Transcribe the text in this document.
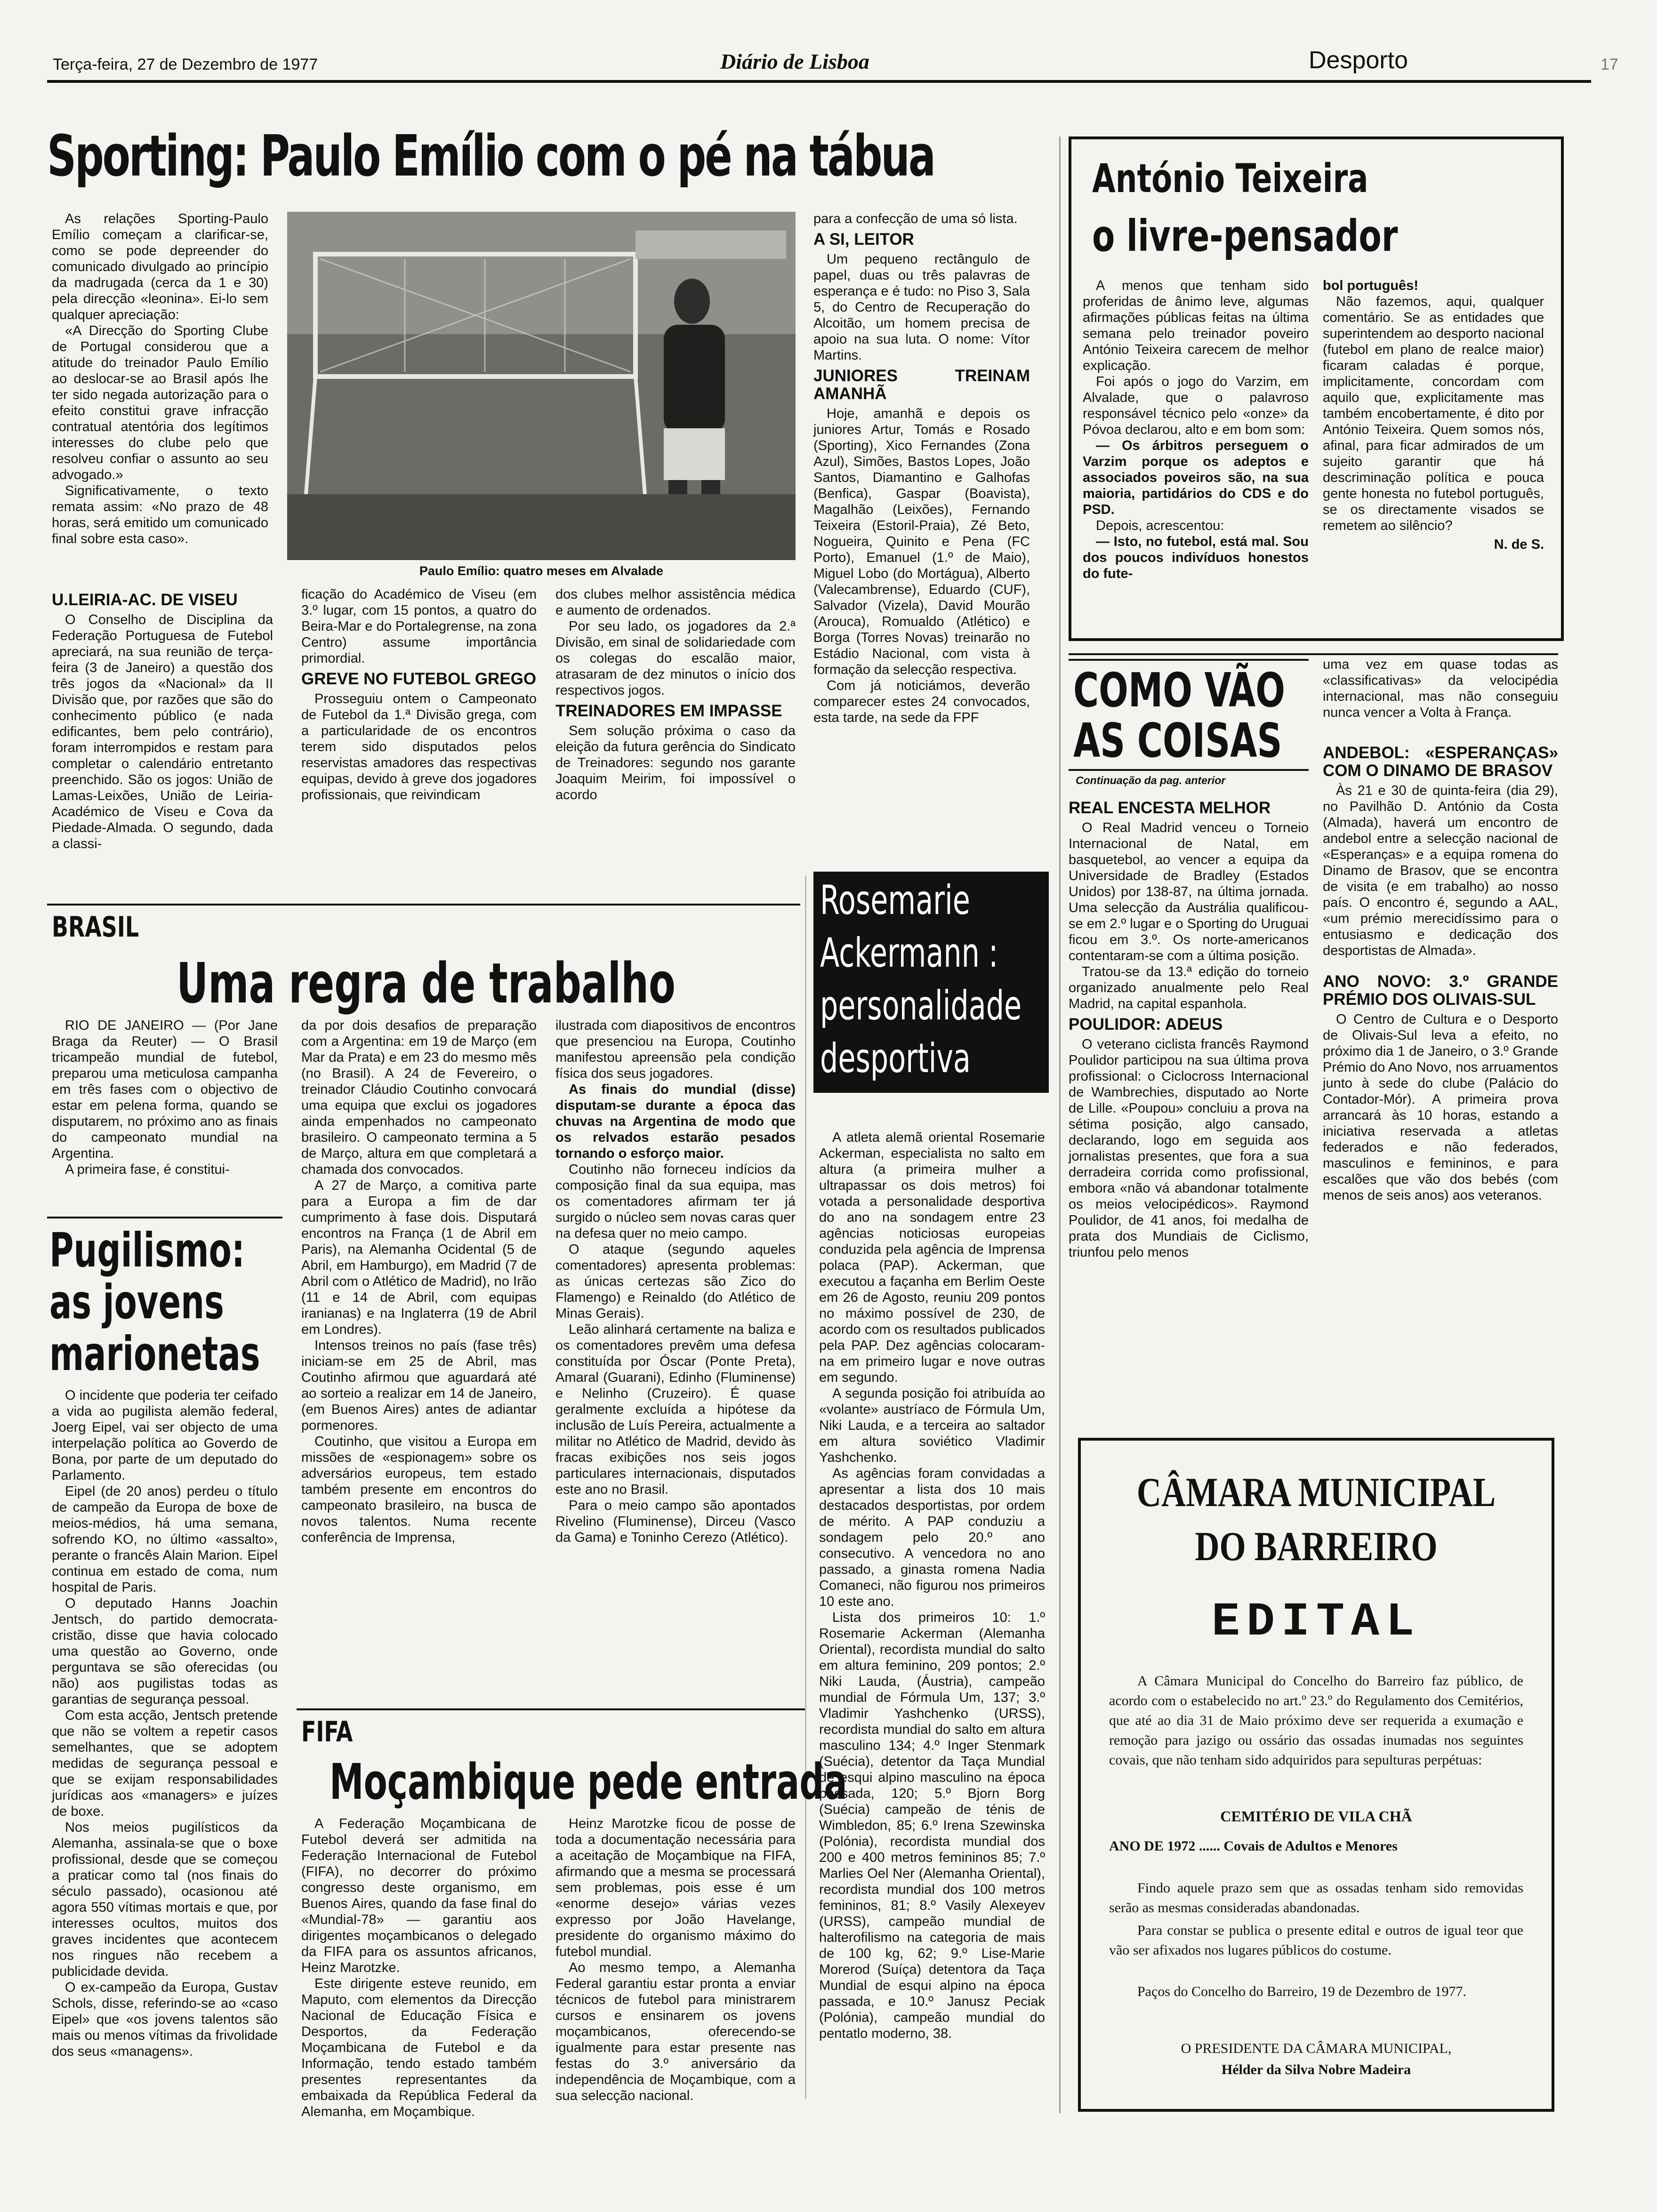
Terça-feira, 27 de Dezembro de 1977	Diário de Lisboa	Desporto	17
Sporting: Paulo Emílio com o pé na tábua

As relações Sporting-Paulo Emílio começam a clarificar-se, como se pode depreender do comunicado divulgado ao princípio da madrugada (cerca da 1 e 30) pela direcção «leonina». Ei-lo sem qualquer apreciação:

«A Direcção do Sporting Clube de Portugal considerou que a atitude do treinador Paulo Emílio ao deslocar-se ao Brasil após lhe ter sido negada autorização para o efeito constitui grave infracção contratual atentória dos legítimos interesses do clube pelo que resolveu confiar o assunto ao seu advogado.»

Significativamente, o texto remata assim: «No prazo de 48 horas, será emitido um comunicado final sobre esta caso».

Paulo Emílio: quatro meses em Alvalade

para a confecção de uma só lista.

A SI, LEITOR

Um pequeno rectângulo de papel, duas ou três palavras de esperança e é tudo: no Piso 3, Sala 5, do Centro de Recuperação do Alcoitão, um homem precisa de apoio na sua luta. O nome: Vítor Martins.

JUNIORES TREINAM AMANHÃ

Hoje, amanhã e depois os juniores Artur, Tomás e Rosado (Sporting), Xico Fernandes (Zona Azul), Simões, Bastos Lopes, João Santos, Diamantino e Galhofas (Benfica), Gaspar (Boavista), Magalhão (Leixões), Fernando Teixeira (Estoril-Praia), Zé Beto, Nogueira, Quinito e Pena (FC Porto), Emanuel (1.º de Maio), Miguel Lobo (do Mortágua), Alberto (Valecambrense), Eduardo (CUF), Salvador (Vizela), David Mourão (Arouca), Romualdo (Atlético) e Borga (Torres Novas) treinarão no Estádio Nacional, com vista à formação da selecção respectiva.

Com já noticiámos, deverão comparecer estes 24 convocados, esta tarde, na sede da FPF

U.LEIRIA-AC. DE VISEU

O Conselho de Disciplina da Federação Portuguesa de Futebol apreciará, na sua reunião de terça-feira (3 de Janeiro) a questão dos três jogos da «Nacional» da II Divisão que, por razões que são do conhecimento público (e nada edificantes, bem pelo contrário), foram interrompidos e restam para completar o calendário entretanto preenchido. São os jogos: União de Lamas-Leixões, União de Leiria-Académico de Viseu e Cova da Piedade-Almada. O segundo, dada a classi-

ficação do Académico de Viseu (em 3.º lugar, com 15 pontos, a quatro do Beira-Mar e do Portalegrense, na zona Centro) assume importância primordial.

GREVE NO FUTEBOL GREGO

Prosseguiu ontem o Campeonato de Futebol da 1.ª Divisão grega, com a particularidade de os encontros terem sido disputados pelos reservistas amadores das respectivas equipas, devido à greve dos jogadores profissionais, que reivindicam

dos clubes melhor assistência médica e aumento de ordenados.

Por seu lado, os jogadores da 2.ª Divisão, em sinal de solidariedade com os colegas do escalão maior, atrasaram de dez minutos o início dos respectivos jogos.

TREINADORES EM IMPASSE

Sem solução próxima o caso da eleição da futura gerência do Sindicato de Treinadores: segundo nos garante Joaquim Meirim, foi impossível o acordo

António Teixeira
o livre-pensador

A menos que tenham sido proferidas de ânimo leve, algumas afirmações públicas feitas na última semana pelo treinador poveiro António Teixeira carecem de melhor explicação.

Foi após o jogo do Varzim, em Alvalade, que o palavroso responsável técnico pelo «onze» da Póvoa declarou, alto e em bom som:

— Os árbitros perseguem o Varzim porque os adeptos e associados poveiros são, na sua maioria, partidários do CDS e do PSD.

Depois, acrescentou:

— Isto, no futebol, está mal. Sou dos poucos indivíduos honestos do fute-

bol português!

Não fazemos, aqui, qualquer comentário. Se as entidades que superintendem ao desporto nacional (futebol em plano de realce maior) ficaram caladas é porque, implicitamente, concordam com aquilo que, explicitamente mas também encobertamente, é dito por António Teixeira. Quem somos nós, afinal, para ficar admirados de um sujeito garantir que há descriminação política e pouca gente honesta no futebol português, se os directamente visados se remetem ao silêncio?

N. de S.

COMO VÃO
AS COISAS
Continuação da pag. anterior
REAL ENCESTA MELHOR

O Real Madrid venceu o Torneio Internacional de Natal, em basquetebol, ao vencer a equipa da Universidade de Bradley (Estados Unidos) por 138-87, na última jornada. Uma selecção da Austrália qualificou-se em 2.º lugar e o Sporting do Uruguai ficou em 3.º. Os norte-americanos contentaram-se com a última posição.

Tratou-se da 13.ª edição do torneio organizado anualmente pelo Real Madrid, na capital espanhola.

POULIDOR: ADEUS

O veterano ciclista francês Raymond Poulidor participou na sua última prova profissional: o Ciclocross Internacional de Wambrechies, disputado ao Norte de Lille. «Poupou» concluiu a prova na sétima posição, algo cansado, declarando, logo em seguida aos jornalistas presentes, que fora a sua derradeira corrida como profissional, embora «não vá abandonar totalmente os meios velocipédicos». Raymond Poulidor, de 41 anos, foi medalha de prata dos Mundiais de Ciclismo, triunfou pelo menos

uma vez em quase todas as «classificativas» da velocipédia internacional, mas não conseguiu nunca vencer a Volta à França.

ANDEBOL: «ESPERANÇAS» COM O DINAMO DE BRASOV

Às 21 e 30 de quinta-feira (dia 29), no Pavilhão D. António da Costa (Almada), haverá um encontro de andebol entre a selecção nacional de «Esperanças» e a equipa romena do Dinamo de Brasov, que se encontra de visita (e em trabalho) ao nosso país. O encontro é, segundo a AAL, «um prémio merecidíssimo para o entusiasmo e dedicação dos desportistas de Almada».

ANO NOVO: 3.º GRANDE PRÉMIO DOS OLIVAIS-SUL

O Centro de Cultura e o Desporto de Olivais-Sul leva a efeito, no próximo dia 1 de Janeiro, o 3.º Grande Prémio do Ano Novo, nos arruamentos junto à sede do clube (Palácio do Contador-Mór). A primeira prova arrancará às 10 horas, estando a iniciativa reservada a atletas federados e não federados, masculinos e femininos, e para escalões que vão dos bebés (com menos de seis anos) aos veteranos.

Rosemarie
Ackermann :
personalidade
desportiva

A atleta alemã oriental Rosemarie Ackerman, especialista no salto em altura (a primeira mulher a ultrapassar os dois metros) foi votada a personalidade desportiva do ano na sondagem entre 23 agências noticiosas europeias conduzida pela agência de Imprensa polaca (PAP). Ackerman, que executou a façanha em Berlim Oeste em 26 de Agosto, reuniu 209 pontos no máximo possível de 230, de acordo com os resultados publicados pela PAP. Dez agências colocaram-na em primeiro lugar e nove outras em segundo.

A segunda posição foi atribuída ao «volante» austríaco de Fórmula Um, Niki Lauda, e a terceira ao saltador em altura soviético Vladimir Yashchenko.

As agências foram convidadas a apresentar a lista dos 10 mais destacados desportistas, por ordem de mérito. A PAP conduziu a sondagem pelo 20.º ano consecutivo. A vencedora no ano passado, a ginasta romena Nadia Comaneci, não figurou nos primeiros 10 este ano.

Lista dos primeiros 10: 1.º Rosemarie Ackerman (Alemanha Oriental), recordista mundial do salto em altura feminino, 209 pontos; 2.º Niki Lauda, (Áustria), campeão mundial de Fórmula Um, 137; 3.º Vladimir Yashchenko (URSS), recordista mundial do salto em altura masculino 134; 4.º Inger Stenmark (Suécia), detentor da Taça Mundial de esqui alpino masculino na época passada, 120; 5.º Bjorn Borg (Suécia) campeão de ténis de Wimbledon, 85; 6.º Irena Szewinska (Polónia), recordista mundial dos 200 e 400 metros femininos 85; 7.º Marlies Oel Ner (Alemanha Oriental), recordista mundial dos 100 metros femininos, 81; 8.º Vasily Alexeyev (URSS), campeão mundial de halterofilismo na categoria de mais de 100 kg, 62; 9.º Lise-Marie Morerod (Suíça) detentora da Taça Mundial de esqui alpino na época passada, e 10.º Janusz Peciak (Polónia), campeão mundial do pentatlo moderno, 38.

BRASIL
Uma regra de trabalho

RIO DE JANEIRO — (Por Jane Braga da Reuter) — O Brasil tricampeão mundial de futebol, preparou uma meticulosa campanha em três fases com o objectivo de estar em pelena forma, quando se disputarem, no próximo ano as finais do campeonato mundial na Argentina.

A primeira fase, é constitui-

da por dois desafios de preparação com a Argentina: em 19 de Março (em Mar da Prata) e em 23 do mesmo mês (no Brasil). A 24 de Fevereiro, o treinador Cláudio Coutinho convocará uma equipa que exclui os jogadores ainda empenhados no campeonato brasileiro. O campeonato termina a 5 de Março, altura em que completará a chamada dos convocados.

A 27 de Março, a comitiva parte para a Europa a fim de dar cumprimento à fase dois. Disputará encontros na França (1 de Abril em Paris), na Alemanha Ocidental (5 de Abril, em Hamburgo), em Madrid (7 de Abril com o Atlético de Madrid), no Irão (11 e 14 de Abril, com equipas iranianas) e na Inglaterra (19 de Abril em Londres).

Intensos treinos no país (fase três) iniciam-se em 25 de Abril, mas Coutinho afirmou que aguardará até ao sorteio a realizar em 14 de Janeiro, (em Buenos Aires) antes de adiantar pormenores.

Coutinho, que visitou a Europa em missões de «espionagem» sobre os adversários europeus, tem estado também presente em encontros do campeonato brasileiro, na busca de novos talentos. Numa recente conferência de Imprensa,

ilustrada com diapositivos de encontros que presenciou na Europa, Coutinho manifestou apreensão pela condição física dos seus jogadores.

As finais do mundial (disse) disputam-se durante a época das chuvas na Argentina de modo que os relvados estarão pesados tornando o esforço maior.

Coutinho não forneceu indícios da composição final da sua equipa, mas os comentadores afirmam ter já surgido o núcleo sem novas caras quer na defesa quer no meio campo.

O ataque (segundo aqueles comentadores) apresenta problemas: as únicas certezas são Zico do Flamengo) e Reinaldo (do Atlético de Minas Gerais).

Leão alinhará certamente na baliza e os comentadores prevêm uma defesa constituída por Óscar (Ponte Preta), Amaral (Guarani), Edinho (Fluminense) e Nelinho (Cruzeiro). É quase geralmente excluída a hipótese da inclusão de Luís Pereira, actualmente a militar no Atlético de Madrid, devido às fracas exibições nos seis jogos particulares internacionais, disputados este ano no Brasil.

Para o meio campo são apontados Rivelino (Fluminense), Dirceu (Vasco da Gama) e Toninho Cerezo (Atlético).

Pugilismo:
as jovens
marionetas

O incidente que poderia ter ceifado a vida ao pugilista alemão federal, Joerg Eipel, vai ser objecto de uma interpelação política ao Goverdo de Bona, por parte de um deputado do Parlamento.

Eipel (de 20 anos) perdeu o título de campeão da Europa de boxe de meios-médios, há uma semana, sofrendo KO, no último «assalto», perante o francês Alain Marion. Eipel continua em estado de coma, num hospital de Paris.

O deputado Hanns Joachin Jentsch, do partido democrata-cristão, disse que havia colocado uma questão ao Governo, onde perguntava se são oferecidas (ou não) aos pugilistas todas as garantias de segurança pessoal.

Com esta acção, Jentsch pretende que não se voltem a repetir casos semelhantes, que se adoptem medidas de segurança pessoal e que se exijam responsabilidades jurídicas aos «managers» e juízes de boxe.

Nos meios pugilísticos da Alemanha, assinala-se que o boxe profissional, desde que se começou a praticar como tal (nos finais do século passado), ocasionou até agora 550 vítimas mortais e que, por interesses ocultos, muitos dos graves incidentes que acontecem nos ringues não recebem a publicidade devida.

O ex-campeão da Europa, Gustav Schols, disse, referindo-se ao «caso Eipel» que «os jovens talentos são mais ou menos vítimas da frivolidade dos seus «managens».

FIFA
Moçambique pede entrada

A Federação Moçambicana de Futebol deverá ser admitida na Federação Internacional de Futebol (FIFA), no decorrer do próximo congresso deste organismo, em Buenos Aires, quando da fase final do «Mundial-78» — garantiu aos dirigentes moçambicanos o delegado da FIFA para os assuntos africanos, Heinz Marotzke.

Este dirigente esteve reunido, em Maputo, com elementos da Direcção Nacional de Educação Física e Desportos, da Federação Moçambicana de Futebol e da Informação, tendo estado também presentes representantes da embaixada da República Federal da Alemanha, em Moçambique.

Heinz Marotzke ficou de posse de toda a documentação necessária para a aceitação de Moçambique na FIFA, afirmando que a mesma se processará sem problemas, pois esse é um «enorme desejo» várias vezes expresso por João Havelange, presidente do organismo máximo do futebol mundial.

Ao mesmo tempo, a Alemanha Federal garantiu estar pronta a enviar técnicos de futebol para ministrarem cursos e ensinarem os jovens moçambicanos, oferecendo-se igualmente para estar presente nas festas do 3.º aniversário da independência de Moçambique, com a sua selecção nacional.

CÂMARA MUNICIPAL
DO BARREIRO
EDITAL
A Câmara Municipal do Concelho do Barreiro faz público, de acordo com o estabelecido no art.º 23.º do Regulamento dos Cemitérios, que até ao dia 31 de Maio próximo deve ser requerida a exumação e remoção para jazigo ou ossário das ossadas inumadas nos seguintes covais, que não tenham sido adquiridos para sepulturas perpétuas:
CEMITÉRIO DE VILA CHÃ
ANO DE 1972 ...... Covais de Adultos e Menores
Findo aquele prazo sem que as ossadas tenham sido removidas serão as mesmas consideradas abandonadas.
Para constar se publica o presente edital e outros de igual teor que vão ser afixados nos lugares públicos do costume.
Paços do Concelho do Barreiro, 19 de Dezembro de 1977.
O PRESIDENTE DA CÂMARA MUNICIPAL,
Hélder da Silva Nobre Madeira
